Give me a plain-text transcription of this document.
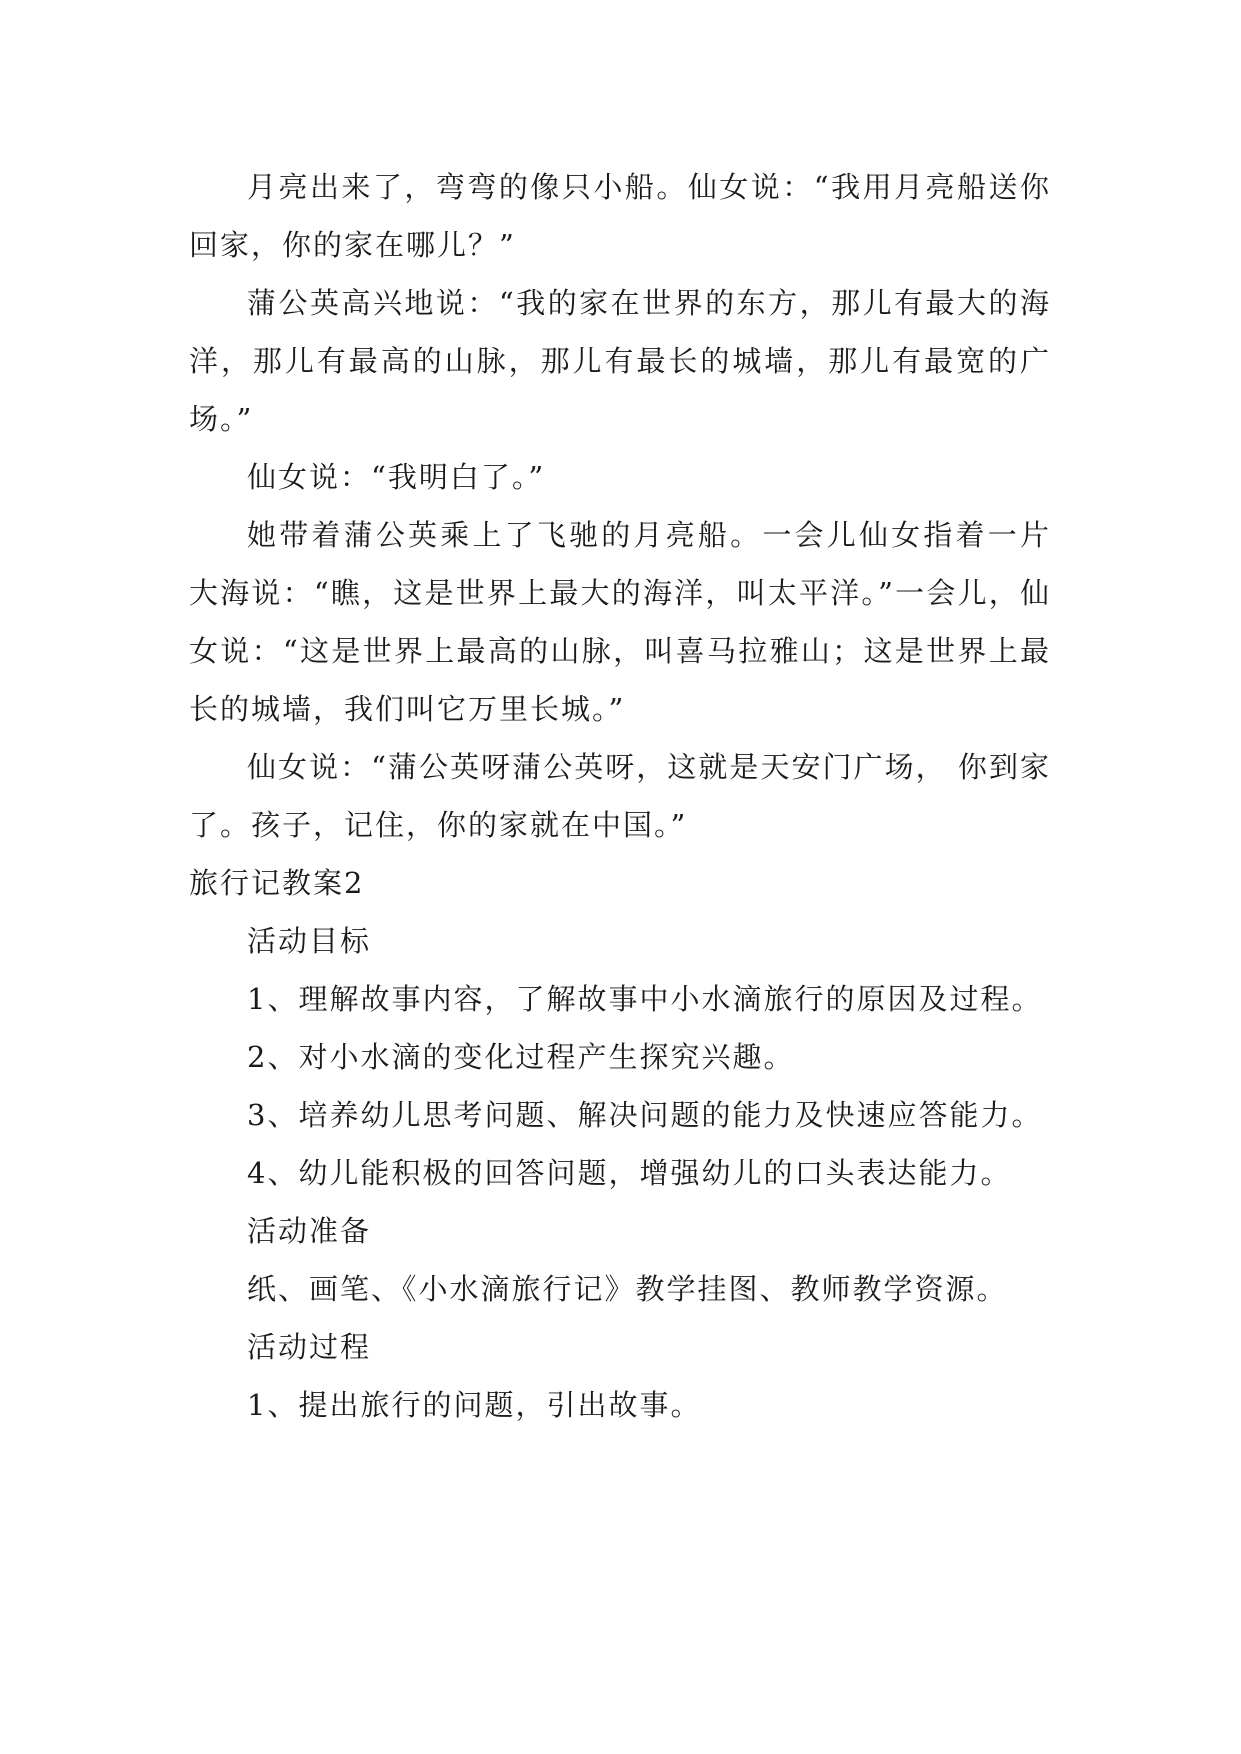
月亮出来了，弯弯的像只小船。仙女说：“我用月亮船送你回家，你的家在哪儿？”

蒲公英高兴地说：“我的家在世界的东方，那儿有最大的海洋，那儿有最高的山脉，那儿有最长的城墙，那儿有最宽的广场。”

仙女说：“我明白了。”

她带着蒲公英乘上了飞驰的月亮船。一会儿仙女指着一片大海说：“瞧，这是世界上最大的海洋，叫太平洋。”一会儿，仙女说：“这是世界上最高的山脉，叫喜马拉雅山；这是世界上最长的城墙，我们叫它万里长城。”

仙女说：“蒲公英呀蒲公英呀，这就是天安门广场， 你到家了。孩子，记住，你的家就在中国。”

旅行记教案2

活动目标

1、理解故事内容，了解故事中小水滴旅行的原因及过程。

2、对小水滴的变化过程产生探究兴趣。

3、培养幼儿思考问题、解决问题的能力及快速应答能力。

4、幼儿能积极的回答问题，增强幼儿的口头表达能力。

活动准备

纸、画笔、《小水滴旅行记》教学挂图、教师教学资源。

活动过程

1、提出旅行的问题，引出故事。
